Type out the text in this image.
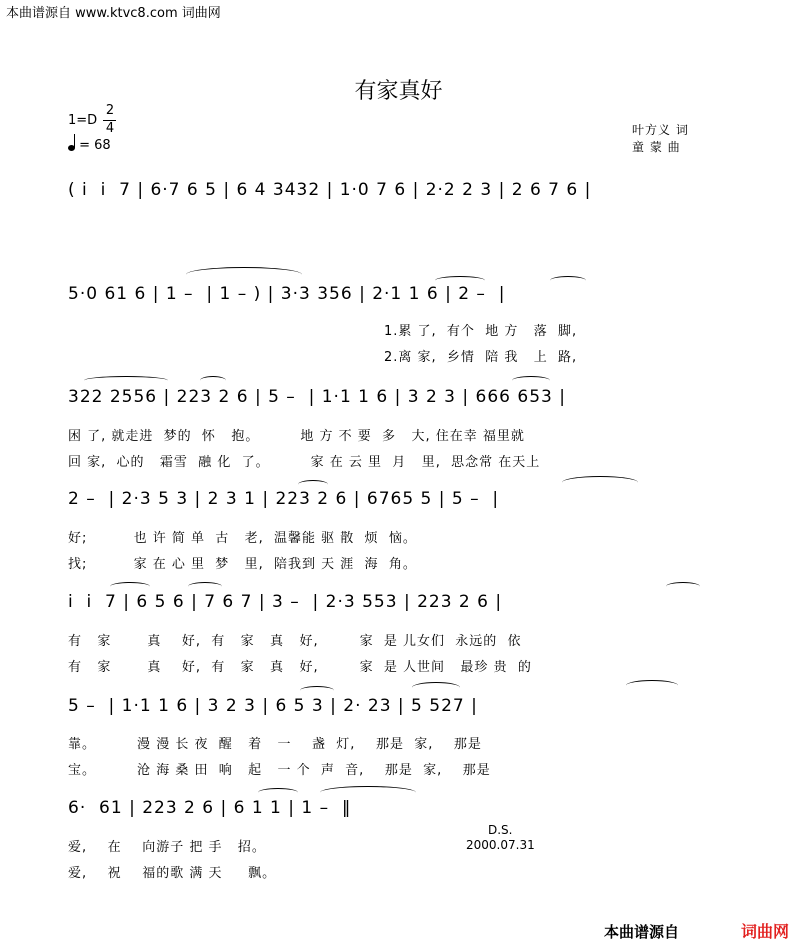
本曲谱源自 www.ktvc8.com 词曲网
有家真好
1=D
2
4
= 68
叶方义 词
童 蒙 曲
( i  i  7 | 6·7 6 5 | 6 4 3432 | 1·0 7 6 | 2·2 2 3 | 2 6 7 6 |
5·0 61 6 | 1 –  | 1 – ) | 3·3 356 | 2·1 1 6 | 2 –  |
1.累 了,  有个  地 方   落  脚,
2.离 家,  乡情  陪 我   上  路,
322 2556 | 223 2 6 | 5 –  | 1·1 1 6 | 3 2 3 | 666 653 |
困 了, 就走进  梦的  怀   抱。        地 方 不 要  多   大, 住在幸 福里就
回 家,  心的   霜雪  融 化  了。        家 在 云 里  月   里,  思念常 在天上
2 –  | 2·3 5 3 | 2 3 1 | 223 2 6 | 6765 5 | 5 –  |
好;         也 许 简 单  古   老,  温馨能 驱 散  烦  恼。
找;         家 在 心 里  梦   里,  陪我到 天 涯  海  角。
i  i  7 | 6 5 6 | 7 6 7 | 3 –  | 2·3 553 | 223 2 6 |
有   家       真    好,  有   家   真   好,        家  是 儿女们  永远的  依
有   家       真    好,  有   家   真   好,        家  是 人世间   最珍 贵  的
5 –  | 1·1 1 6 | 3 2 3 | 6 5 3 | 2· 23 | 5 527 |
靠。        漫 漫 长 夜  醒   着   一    盏  灯,    那是  家,    那是
宝。        沧 海 桑 田  响   起   一 个  声  音,    那是  家,    那是
6·  61 | 223 2 6 | 6 1 1 | 1 –  ‖
爱,    在    向游子 把 手   招。
爱,    祝    福的歌 满 天     飘。
D.S.
2000.07.31
本曲谱源自	词曲网
